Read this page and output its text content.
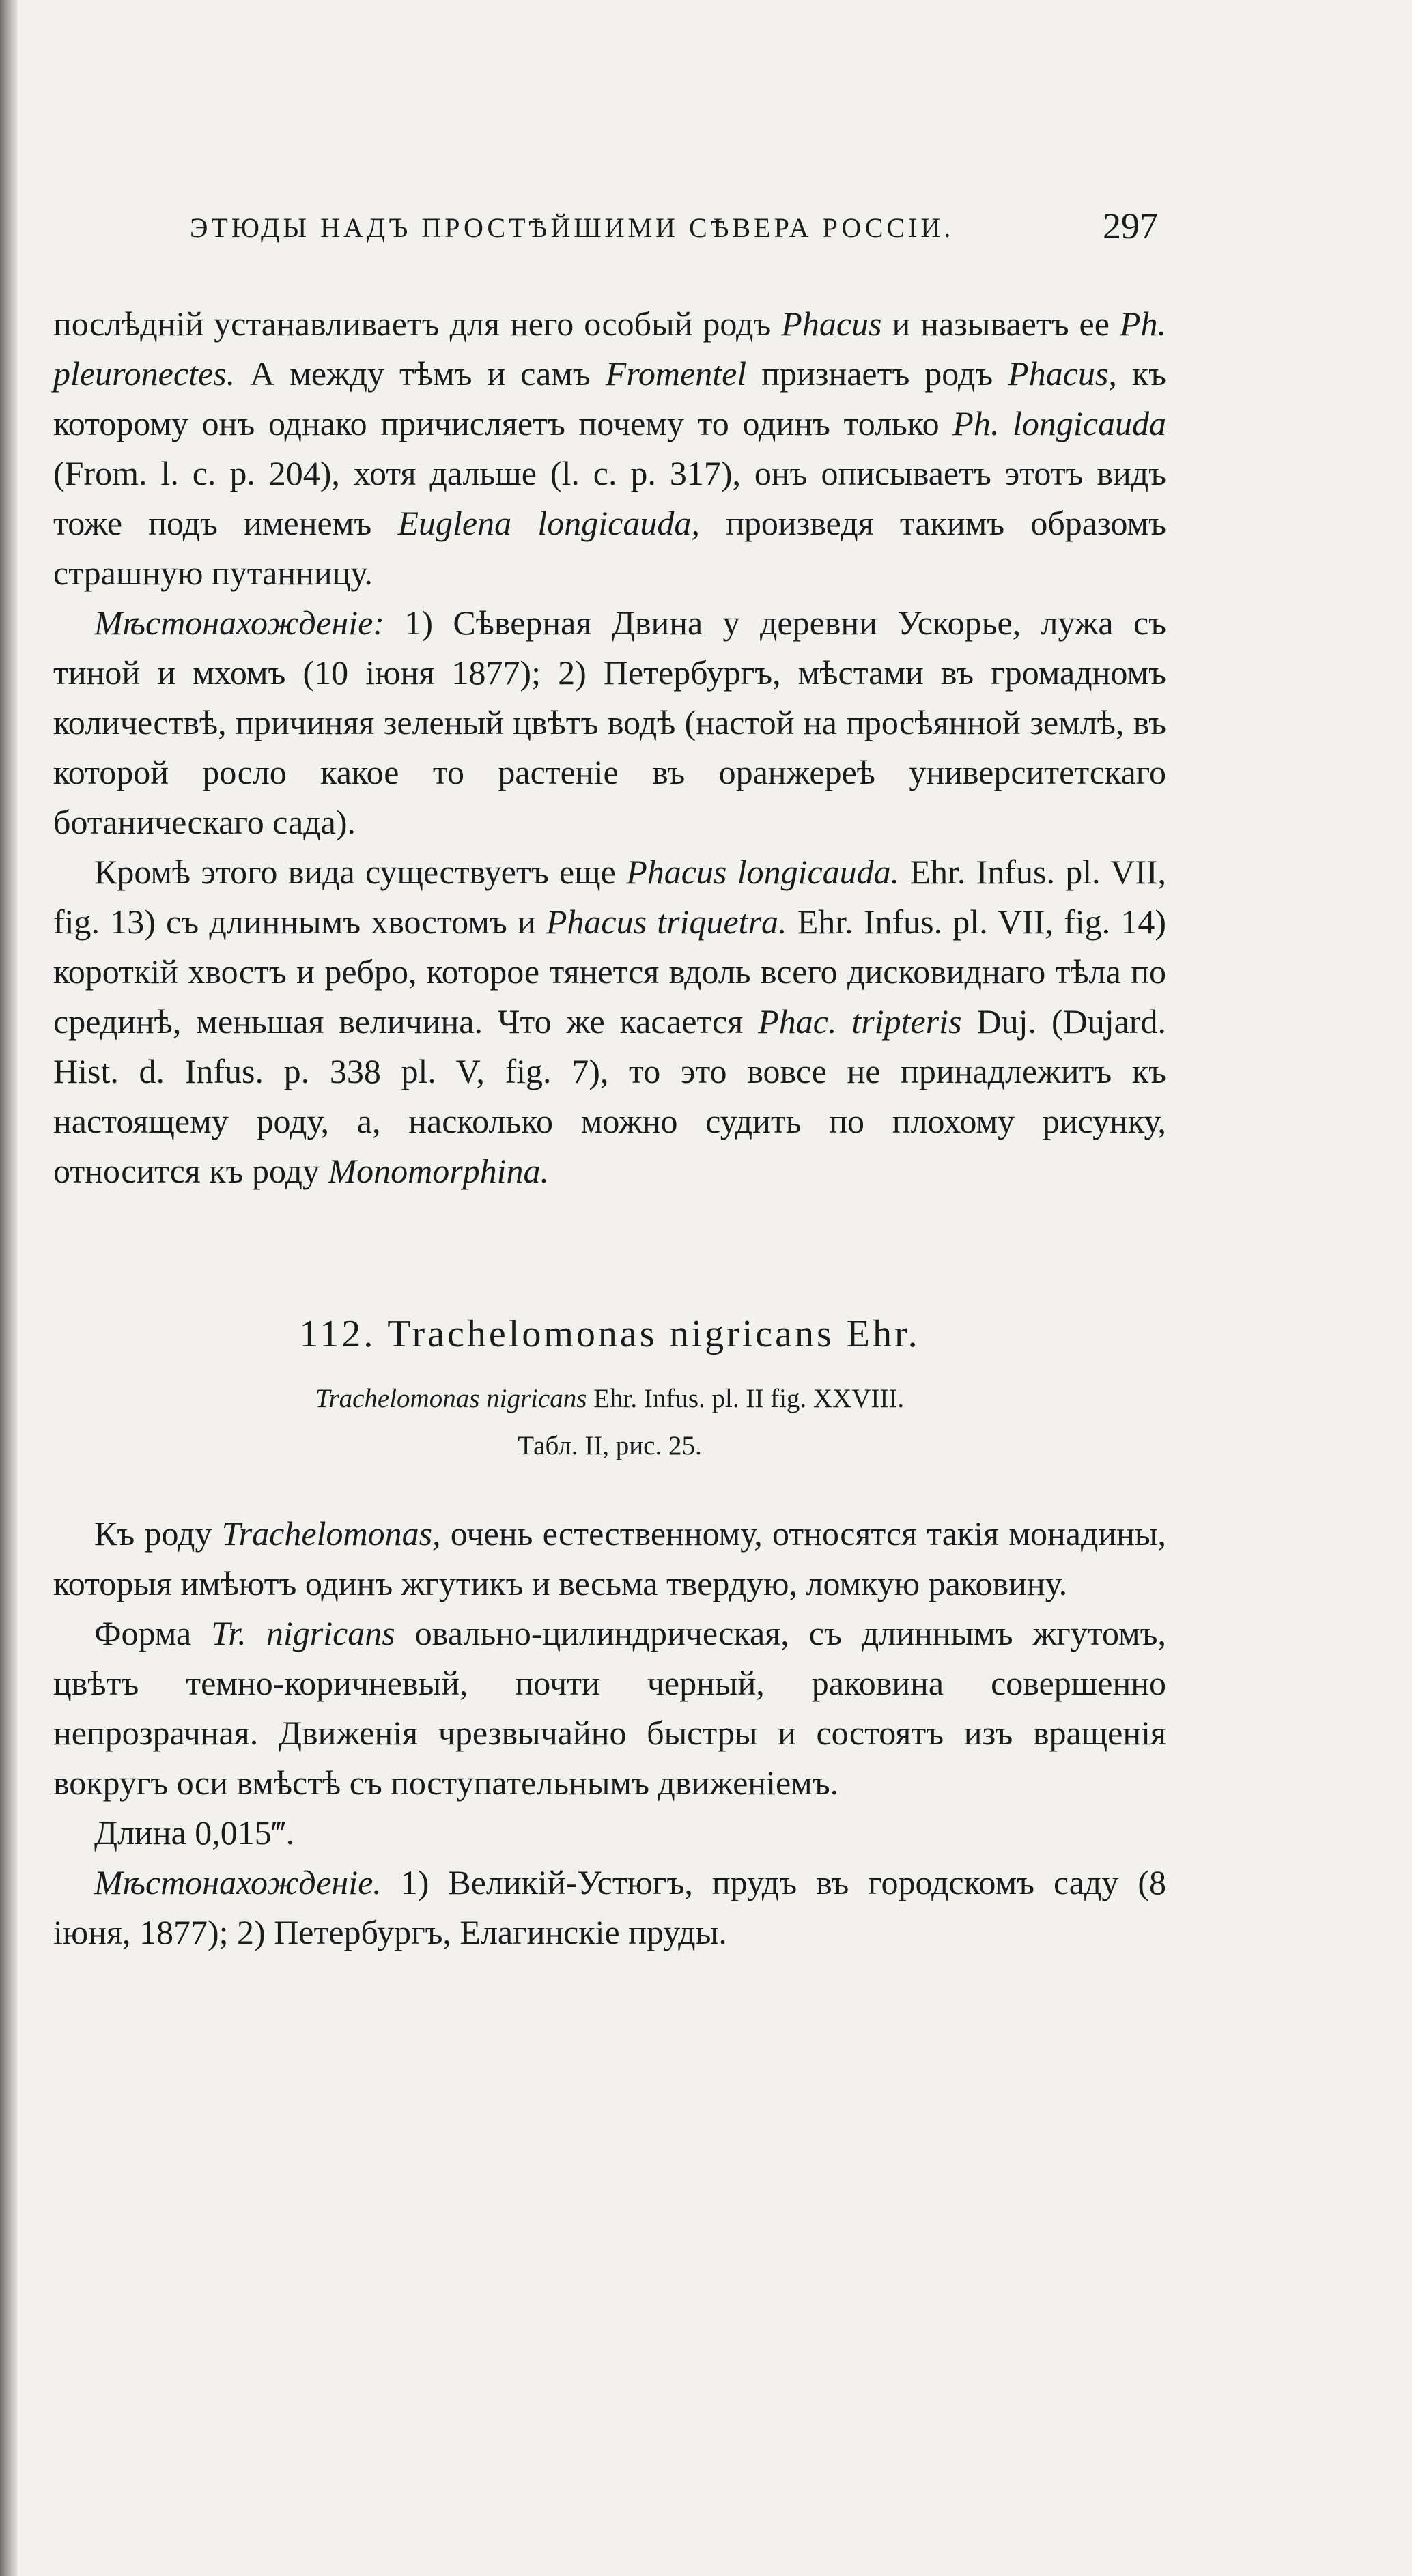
ЭТЮДЫ НАДЪ ПРОСТѢЙШИМИ СѢВЕРА РОССІИ.	297

послѣдній устанавливаетъ для него особый родъ Phacus и называетъ ее Ph. pleuronectes. А между тѣмъ и самъ Fromentel признаетъ родъ Phacus, къ которому онъ однако причисляетъ почему то одинъ только Ph. longicauda (From. l. c. p. 204), хотя дальше (l. c. p. 317), онъ описываетъ этотъ видъ тоже подъ именемъ Euglena longicauda, произведя такимъ образомъ страшную путанницу.

Мѣстонахожденіе: 1) Сѣверная Двина у деревни Ускорье, лужа съ тиной и мхомъ (10 іюня 1877); 2) Петербургъ, мѣстами въ громадномъ количествѣ, причиняя зеленый цвѣтъ водѣ (настой на просѣянной землѣ, въ которой росло какое то растеніе въ оранжереѣ университетскаго ботаническаго сада).

Кромѣ этого вида существуетъ еще Phacus longicauda. Ehr. Infus. pl. VII, fig. 13) съ длиннымъ хвостомъ и Phacus triquetra. Ehr. Infus. pl. VII, fig. 14) короткій хвостъ и ребро, которое тянется вдоль всего дисковиднаго тѣла по срединѣ, меньшая величина. Что же касается Phac. tripteris Duj. (Dujard. Hist. d. Infus. p. 338 pl. V, fig. 7), то это вовсе не принадлежитъ къ настоящему роду, а, насколько можно судить по плохому рисунку, относится къ роду Monomorphina.

112. Trachelomonas nigricans Ehr.
Trachelomonas nigricans Ehr. Infus. pl. II fig. XXVIII.
Табл. II, рис. 25.

Къ роду Trachelomonas, очень естественному, относятся такія монадины, которыя имѣютъ одинъ жгутикъ и весьма твердую, ломкую раковину.

Форма Tr. nigricans овально-цилиндрическая, съ длиннымъ жгутомъ, цвѣтъ темно-коричневый, почти черный, раковина совершенно непрозрачная. Движенія чрезвычайно быстры и состоятъ изъ вращенія вокругъ оси вмѣстѣ съ поступательнымъ движеніемъ.

Длина 0,015‴.

Мѣстонахожденіе. 1) Великій-Устюгъ, прудъ въ городскомъ саду (8 іюня, 1877); 2) Петербургъ, Елагинскіе пруды.
